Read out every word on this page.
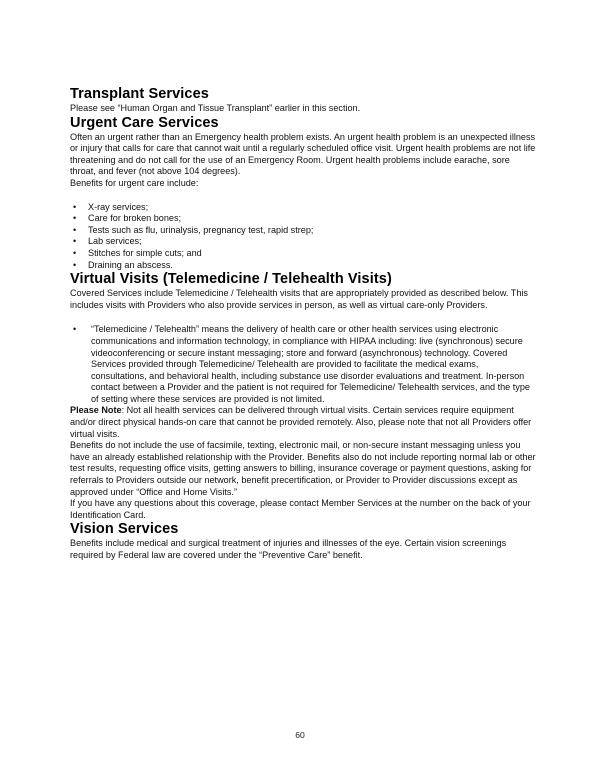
Transplant Services

Please see “Human Organ and Tissue Transplant” earlier in this section.

Urgent Care Services

Often an urgent rather than an Emergency health problem exists. An urgent health problem is an unexpected illness or injury that calls for care that cannot wait until a regularly scheduled office visit. Urgent health problems are not life threatening and do not call for the use of an Emergency Room. Urgent health problems include earache, sore throat, and fever (not above 104 degrees).

Benefits for urgent care include:

• X-ray services;
• Care for broken bones;
• Tests such as flu, urinalysis, pregnancy test, rapid strep;
• Lab services;
• Stitches for simple cuts; and
• Draining an abscess.
Virtual Visits (Telemedicine / Telehealth Visits)

Covered Services include Telemedicine / Telehealth visits that are appropriately provided as described below. This includes visits with Providers who also provide services in person, as well as virtual care-only Providers.

• “Telemedicine / Telehealth” means the delivery of health care or other health services using electronic communications and information technology, in compliance with HIPAA including: live (synchronous) secure videoconferencing or secure instant messaging; store and forward (asynchronous) technology. Covered Services provided through Telemedicine/ Telehealth are provided to facilitate the medical exams, consultations, and behavioral health, including substance use disorder evaluations and treatment. In-person contact between a Provider and the patient is not required for Telemedicine/ Telehealth services, and the type of setting where these services are provided is not limited.

Please Note: Not all health services can be delivered through virtual visits. Certain services require equipment and/or direct physical hands-on care that cannot be provided remotely. Also, please note that not all Providers offer virtual visits.

Benefits do not include the use of facsimile, texting, electronic mail, or non-secure instant messaging unless you have an already established relationship with the Provider. Benefits also do not include reporting normal lab or other test results, requesting office visits, getting answers to billing, insurance coverage or payment questions, asking for referrals to Providers outside our network, benefit precertification, or Provider to Provider discussions except as approved under “Office and Home Visits.”

If you have any questions about this coverage, please contact Member Services at the number on the back of your Identification Card.

Vision Services

Benefits include medical and surgical treatment of injuries and illnesses of the eye. Certain vision screenings required by Federal law are covered under the “Preventive Care” benefit.

60
